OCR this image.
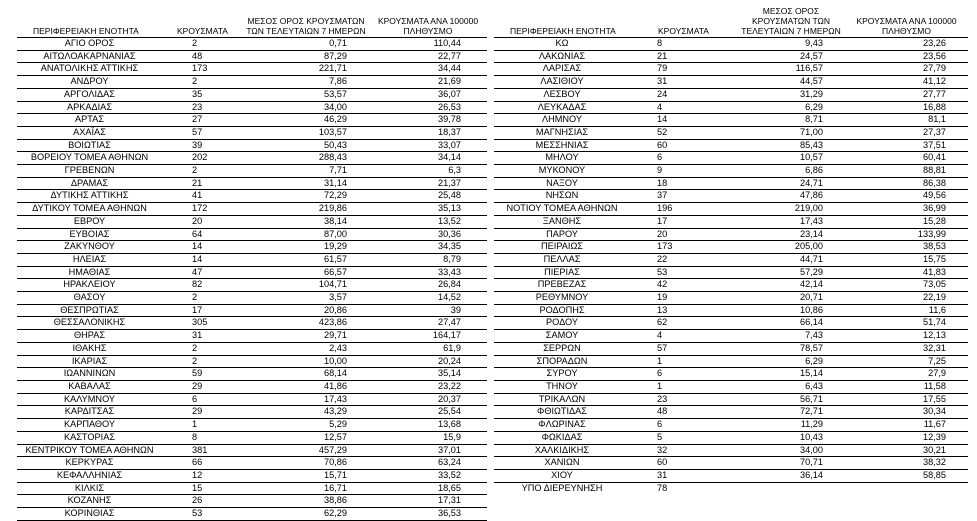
ΠΕΡΙΦΕΡΕΙΑΚΗ ΕΝΟΤΗΤΑ	ΚΡΟΥΣΜΑΤΑ	ΜΕΣΟΣ ΟΡΟΣ ΚΡΟΥΣΜΑΤΩΝ ΤΩΝ ΤΕΛΕΥΤΑΙΩΝ 7 ΗΜΕΡΩΝ	ΚΡΟΥΣΜΑΤΑ ΑΝΑ 100000 ΠΛΗΘΥΣΜΟ
ΑΓΙΟ ΟΡΟΣ	2	0,71	110,44
ΑΙΤΩΛΟΑΚΑΡΝΑΝΙΑΣ	48	87,29	22,77
ΑΝΑΤΟΛΙΚΗΣ ΑΤΤΙΚΗΣ	173	221,71	34,44
ΑΝΔΡΟΥ	2	7,86	21,69
ΑΡΓΟΛΙΔΑΣ	35	53,57	36,07
ΑΡΚΑΔΙΑΣ	23	34,00	26,53
ΑΡΤΑΣ	27	46,29	39,78
ΑΧΑΪΑΣ	57	103,57	18,37
ΒΟΙΩΤΙΑΣ	39	50,43	33,07
ΒΟΡΕΙΟΥ ΤΟΜΕΑ ΑΘΗΝΩΝ	202	288,43	34,14
ΓΡΕΒΕΝΩΝ	2	7,71	6,3
ΔΡΑΜΑΣ	21	31,14	21,37
ΔΥΤΙΚΗΣ ΑΤΤΙΚΗΣ	41	72,29	25,48
ΔΥΤΙΚΟΥ ΤΟΜΕΑ ΑΘΗΝΩΝ	172	219,86	35,13
ΕΒΡΟΥ	20	38,14	13,52
ΕΥΒΟΙΑΣ	64	87,00	30,36
ΖΑΚΥΝΘΟΥ	14	19,29	34,35
ΗΛΕΙΑΣ	14	61,57	8,79
ΗΜΑΘΙΑΣ	47	66,57	33,43
ΗΡΑΚΛΕΙΟΥ	82	104,71	26,84
ΘΑΣΟΥ	2	3,57	14,52
ΘΕΣΠΡΩΤΙΑΣ	17	20,86	39
ΘΕΣΣΑΛΟΝΙΚΗΣ	305	423,86	27,47
ΘΗΡΑΣ	31	29,71	164,17
ΙΘΑΚΗΣ	2	2,43	61,9
ΙΚΑΡΙΑΣ	2	10,00	20,24
ΙΩΑΝΝΙΝΩΝ	59	68,14	35,14
ΚΑΒΑΛΑΣ	29	41,86	23,22
ΚΑΛΥΜΝΟΥ	6	17,43	20,37
ΚΑΡΔΙΤΣΑΣ	29	43,29	25,54
ΚΑΡΠΑΘΟΥ	1	5,29	13,68
ΚΑΣΤΟΡΙΑΣ	8	12,57	15,9
ΚΕΝΤΡΙΚΟΥ ΤΟΜΕΑ ΑΘΗΝΩΝ	381	457,29	37,01
ΚΕΡΚΥΡΑΣ	66	70,86	63,24
ΚΕΦΑΛΛΗΝΙΑΣ	12	15,71	33,52
ΚΙΛΚΙΣ	15	16,71	18,65
ΚΟΖΑΝΗΣ	26	38,86	17,31
ΚΟΡΙΝΘΙΑΣ	53	62,29	36,53
ΠΕΡΙΦΕΡΕΙΑΚΗ ΕΝΟΤΗΤΑ	ΚΡΟΥΣΜΑΤΑ	ΜΕΣΟΣ ΟΡΟΣ ΚΡΟΥΣΜΑΤΩΝ ΤΩΝ ΤΕΛΕΥΤΑΙΩΝ 7 ΗΜΕΡΩΝ	ΚΡΟΥΣΜΑΤΑ ΑΝΑ 100000 ΠΛΗΘΥΣΜΟ
ΚΩ	8	9,43	23,26
ΛΑΚΩΝΙΑΣ	21	24,57	23,56
ΛΑΡΙΣΑΣ	79	116,57	27,79
ΛΑΣΙΘΙΟΥ	31	44,57	41,12
ΛΕΣΒΟΥ	24	31,29	27,77
ΛΕΥΚΑΔΑΣ	4	6,29	16,88
ΛΗΜΝΟΥ	14	8,71	81,1
ΜΑΓΝΗΣΙΑΣ	52	71,00	27,37
ΜΕΣΣΗΝΙΑΣ	60	85,43	37,51
ΜΗΛΟΥ	6	10,57	60,41
ΜΥΚΟΝΟΥ	9	6,86	88,81
ΝΑΞΟΥ	18	24,71	86,38
ΝΗΣΩΝ	37	47,86	49,56
ΝΟΤΙΟΥ ΤΟΜΕΑ ΑΘΗΝΩΝ	196	219,00	36,99
ΞΑΝΘΗΣ	17	17,43	15,28
ΠΑΡΟΥ	20	23,14	133,99
ΠΕΙΡΑΙΩΣ	173	205,00	38,53
ΠΕΛΛΑΣ	22	44,71	15,75
ΠΙΕΡΙΑΣ	53	57,29	41,83
ΠΡΕΒΕΖΑΣ	42	42,14	73,05
ΡΕΘΥΜΝΟΥ	19	20,71	22,19
ΡΟΔΟΠΗΣ	13	10,86	11,6
ΡΟΔΟΥ	62	66,14	51,74
ΣΑΜΟΥ	4	7,43	12,13
ΣΕΡΡΩΝ	57	78,57	32,31
ΣΠΟΡΑΔΩΝ	1	6,29	7,25
ΣΥΡΟΥ	6	15,14	27,9
ΤΗΝΟΥ	1	6,43	11,58
ΤΡΙΚΑΛΩΝ	23	56,71	17,55
ΦΘΙΩΤΙΔΑΣ	48	72,71	30,34
ΦΛΩΡΙΝΑΣ	6	11,29	11,67
ΦΩΚΙΔΑΣ	5	10,43	12,39
ΧΑΛΚΙΔΙΚΗΣ	32	34,00	30,21
ΧΑΝΙΩΝ	60	70,71	38,32
ΧΙΟΥ	31	36,14	58,85
ΥΠΟ ΔΙΕΡΕΥΝΗΣΗ	78		
